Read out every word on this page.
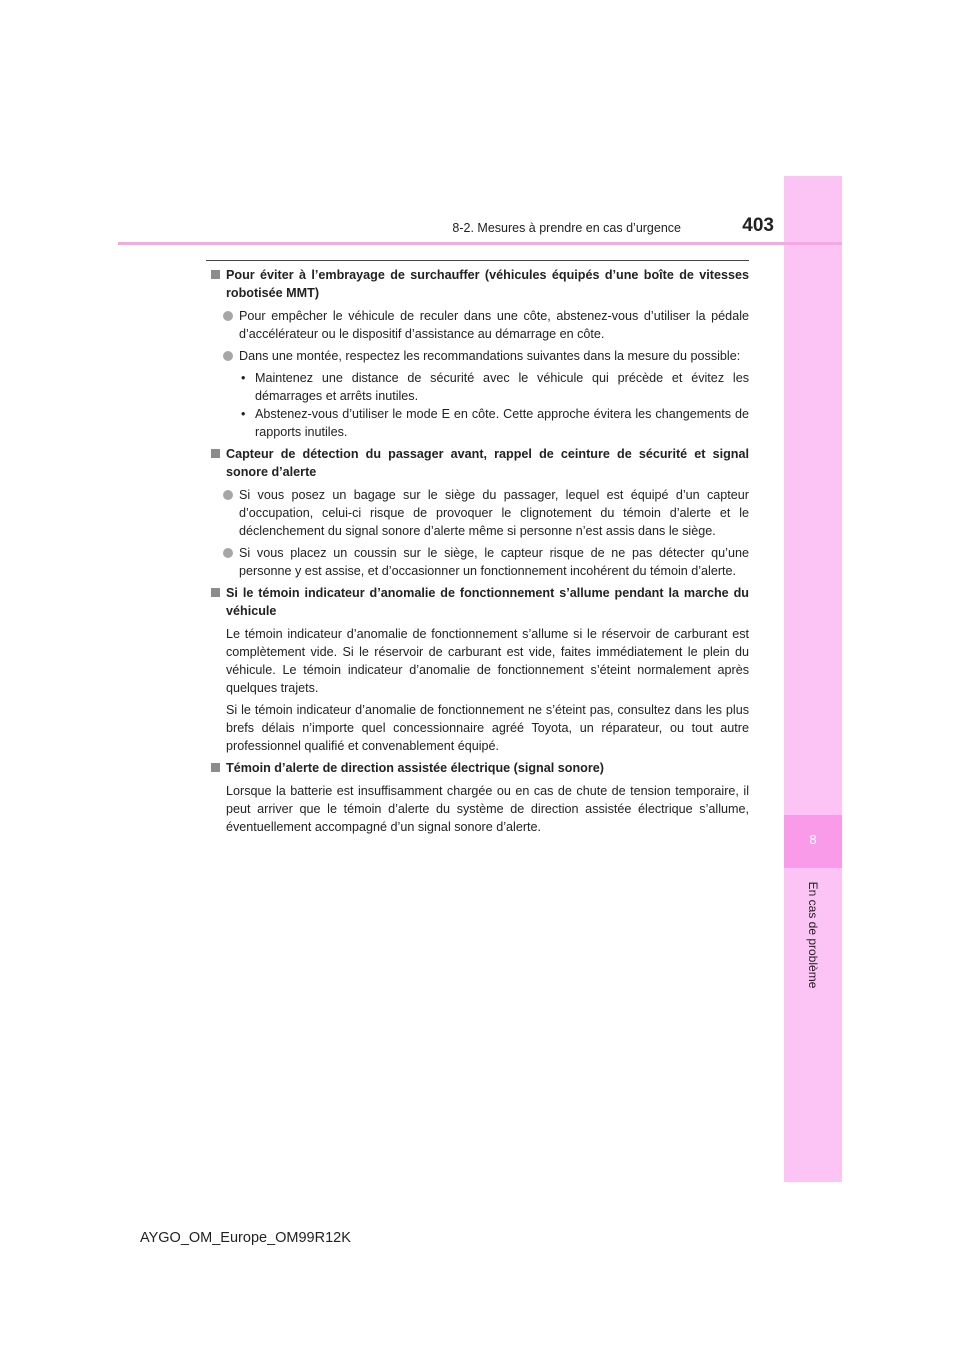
8
En cas de problème
8-2. Mesures à prendre en cas d’urgence	403
Pour éviter à l’embrayage de surchauffer (véhicules équipés d’une boîte de vitesses robotisée MMT)
Pour empêcher le véhicule de reculer dans une côte, abstenez-vous d’utiliser la pédale d’accélérateur ou le dispositif d’assistance au démarrage en côte.
Dans une montée, respectez les recommandations suivantes dans la mesure du possible:
• Maintenez une distance de sécurité avec le véhicule qui précède et évitez les démarrages et arrêts inutiles.
• Abstenez-vous d’utiliser le mode E en côte. Cette approche évitera les changements de rapports inutiles.
Capteur de détection du passager avant, rappel de ceinture de sécurité et signal sonore d’alerte
Si vous posez un bagage sur le siège du passager, lequel est équipé d’un capteur d’occupation, celui-ci risque de provoquer le clignotement du témoin d’alerte et le déclenchement du signal sonore d’alerte même si personne n’est assis dans le siège.
Si vous placez un coussin sur le siège, le capteur risque de ne pas détecter qu’une personne y est assise, et d’occasionner un fonctionnement incohérent du témoin d’alerte.
Si le témoin indicateur d’anomalie de fonctionnement s’allume pendant la marche du véhicule
Le témoin indicateur d’anomalie de fonctionnement s’allume si le réservoir de carburant est complètement vide. Si le réservoir de carburant est vide, faites immédiatement le plein du véhicule. Le témoin indicateur d’anomalie de fonctionnement s’éteint normalement après quelques trajets.
Si le témoin indicateur d’anomalie de fonctionnement ne s’éteint pas, consultez dans les plus brefs délais n’importe quel concessionnaire agréé Toyota, un réparateur, ou tout autre professionnel qualifié et convenablement équipé.
Témoin d’alerte de direction assistée électrique (signal sonore)
Lorsque la batterie est insuffisamment chargée ou en cas de chute de tension temporaire, il peut arriver que le témoin d’alerte du système de direction assistée électrique s’allume, éventuellement accompagné d’un signal sonore d’alerte.
AYGO_OM_Europe_OM99R12K
